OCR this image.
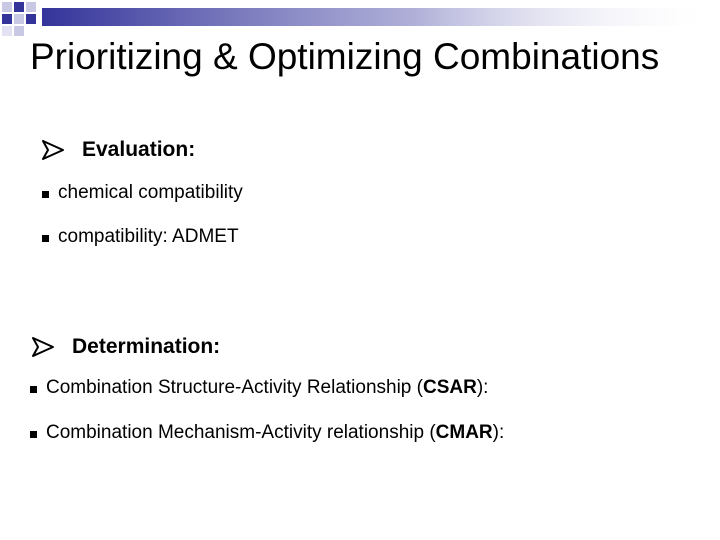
Prioritizing & Optimizing Combinations
Evaluation:
chemical compatibility
compatibility: ADMET
Determination:
Combination Structure-Activity Relationship (CSAR):
Combination Mechanism-Activity relationship (CMAR):
